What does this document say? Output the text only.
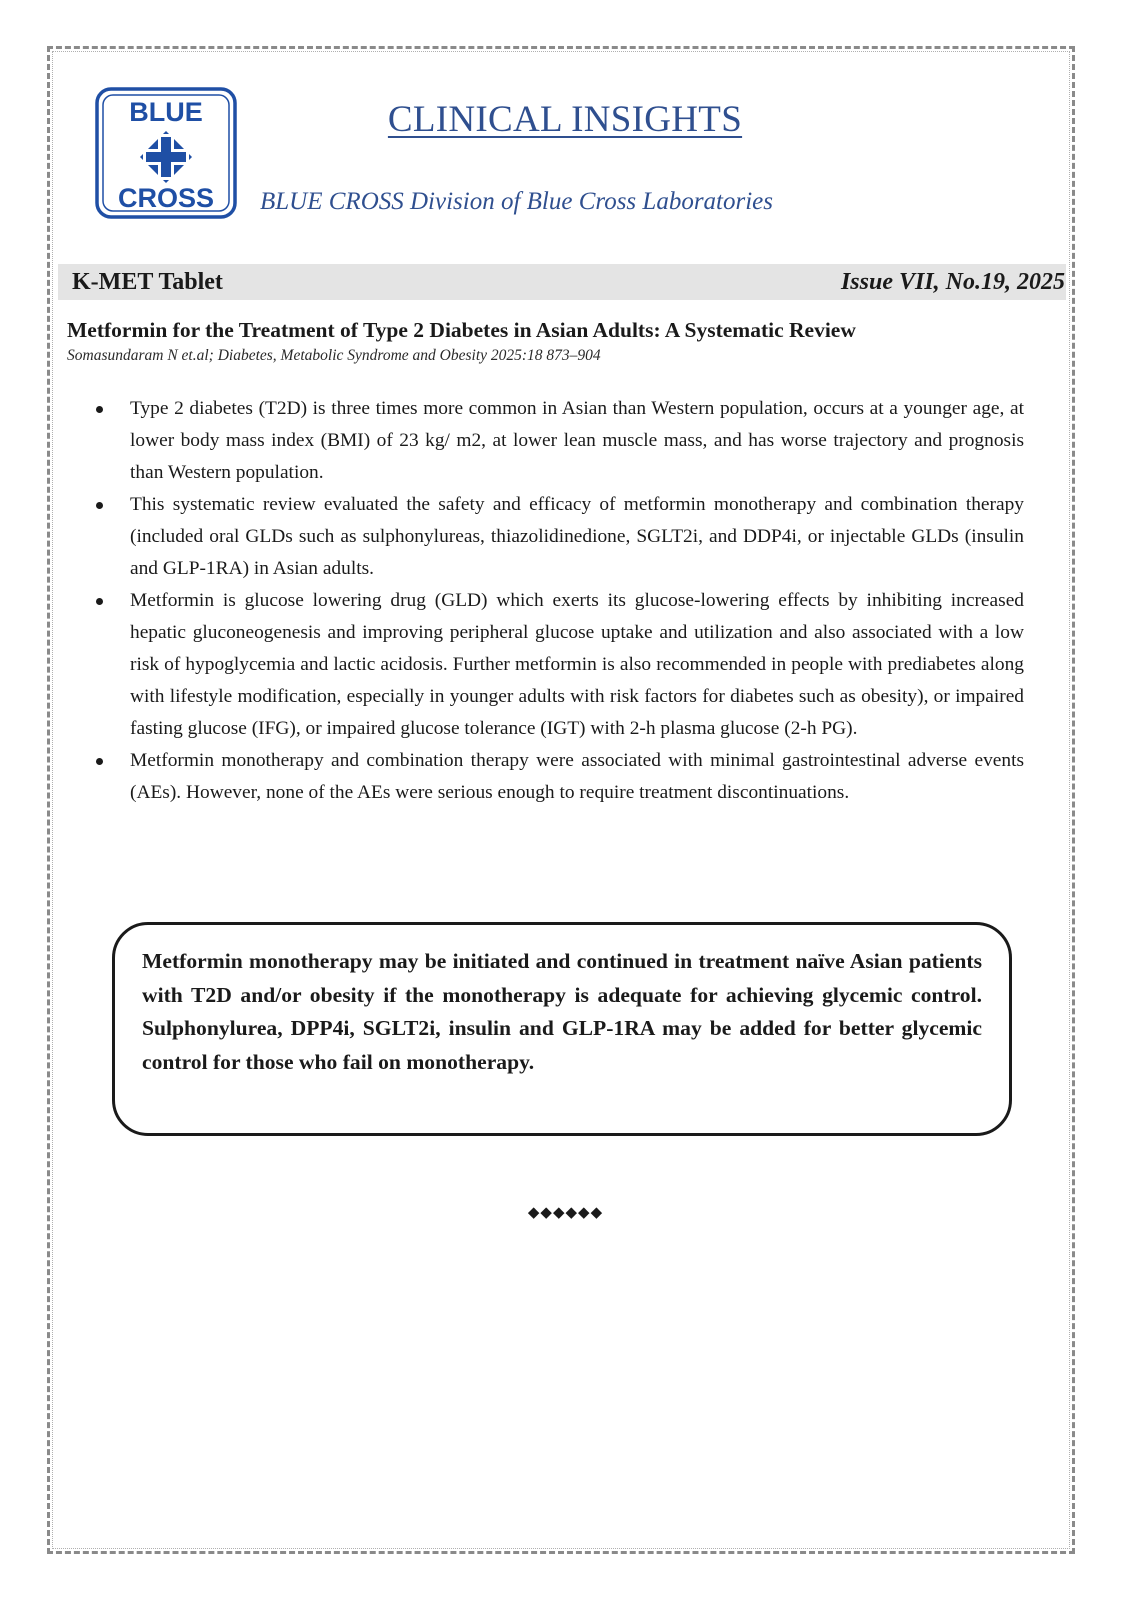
BLUE
CROSS
CLINICAL INSIGHTS
BLUE CROSS Division of Blue Cross Laboratories
K-MET Tablet	Issue VII, No.19, 2025
Metformin for the Treatment of Type 2 Diabetes in Asian Adults: A Systematic Review
Somasundaram N et.al; Diabetes, Metabolic Syndrome and Obesity 2025:18 873–904
Type 2 diabetes (T2D) is three times more common in Asian than Western population, occurs at a younger age, at lower body mass index (BMI) of 23 kg/ m2, at lower lean muscle mass, and has worse trajectory and prognosis than Western population.
This systematic review evaluated the safety and efficacy of metformin monotherapy and combination therapy (included oral GLDs such as sulphonylureas, thiazolidinedione, SGLT2i, and DDP4i, or injectable GLDs (insulin and GLP-1RA) in Asian adults.
Metformin is glucose lowering drug (GLD) which exerts its glucose-lowering effects by inhibiting increased hepatic gluconeogenesis and improving peripheral glucose uptake and utilization and also associated with a low risk of hypoglycemia and lactic acidosis. Further metformin is also recommended in people with prediabetes along with lifestyle modification, especially in younger adults with risk factors for diabetes such as obesity), or impaired fasting glucose (IFG), or impaired glucose tolerance (IGT) with 2-h plasma glucose (2-h PG).
Metformin monotherapy and combination therapy were associated with minimal gastrointestinal adverse events (AEs). However, none of the AEs were serious enough to require treatment discontinuations.

Metformin monotherapy may be initiated and continued in treatment naïve Asian patients with T2D and/or obesity if the monotherapy is adequate for achieving glycemic control. Sulphonylurea, DPP4i, SGLT2i, insulin and GLP-1RA may be added for better glycemic control for those who fail on monotherapy.

◆◆◆◆◆◆
